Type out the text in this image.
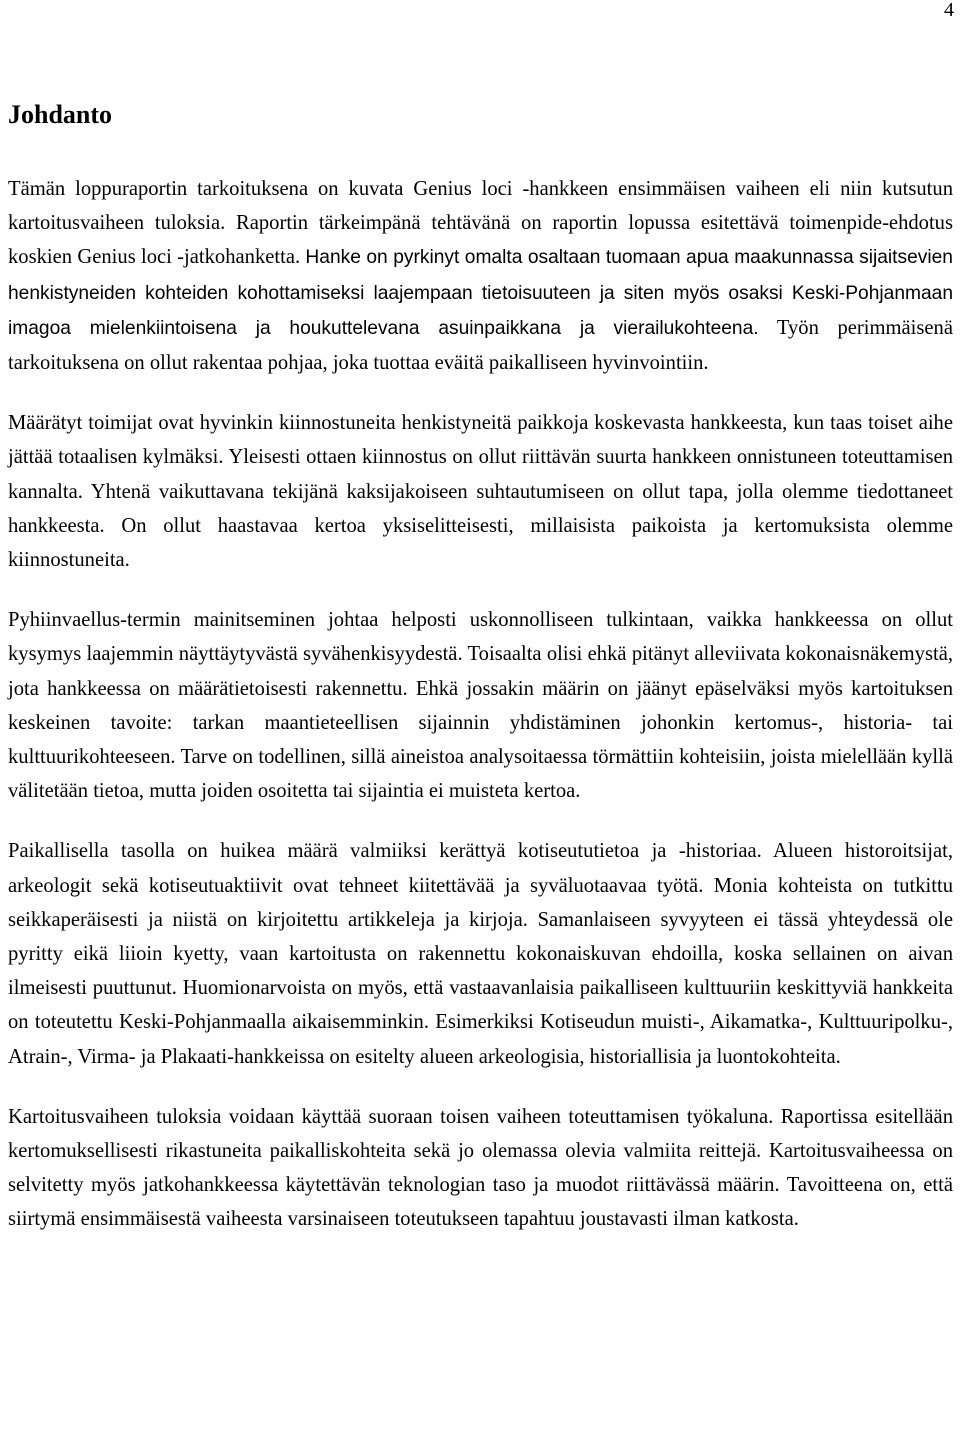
4
Johdanto

Tämän loppuraportin tarkoituksena on kuvata Genius loci -hankkeen ensimmäisen vaiheen eli niin kutsutun kartoitusvaiheen tuloksia. Raportin tärkeimpänä tehtävänä on raportin lopussa esitettävä toimenpide-ehdotus koskien Genius loci -jatkohanketta. Hanke on pyrkinyt omalta osaltaan tuomaan apua maakunnassa sijaitsevien henkistyneiden kohteiden kohottamiseksi laajempaan tietoisuuteen ja siten myös osaksi Keski-Pohjanmaan imagoa mielenkiintoisena ja houkuttelevana asuinpaikkana ja vierailukohteena. Työn perimmäisenä tarkoituksena on ollut rakentaa pohjaa, joka tuottaa eväitä paikalliseen hyvinvointiin.

Määrätyt toimijat ovat hyvinkin kiinnostuneita henkistyneitä paikkoja koskevasta hankkeesta, kun taas toiset aihe jättää totaalisen kylmäksi. Yleisesti ottaen kiinnostus on ollut riittävän suurta hankkeen onnistuneen toteuttamisen kannalta. Yhtenä vaikuttavana tekijänä kaksijakoiseen suhtautumiseen on ollut tapa, jolla olemme tiedottaneet hankkeesta. On ollut haastavaa kertoa yksiselitteisesti, millaisista paikoista ja kertomuksista olemme kiinnostuneita.

Pyhiinvaellus-termin mainitseminen johtaa helposti uskonnolliseen tulkintaan, vaikka hankkeessa on ollut kysymys laajemmin näyttäytyvästä syvähenkisyydestä. Toisaalta olisi ehkä pitänyt alleviivata kokonaisnäkemystä, jota hankkeessa on määrätietoisesti rakennettu. Ehkä jossakin määrin on jäänyt epäselväksi myös kartoituksen keskeinen tavoite: tarkan maantieteellisen sijainnin yhdistäminen johonkin kertomus-, historia- tai kulttuurikohteeseen. Tarve on todellinen, sillä aineistoa analysoitaessa törmättiin kohteisiin, joista mielellään kyllä välitetään tietoa, mutta joiden osoitetta tai sijaintia ei muisteta kertoa.

Paikallisella tasolla on huikea määrä valmiiksi kerättyä kotiseututietoa ja -historiaa. Alueen historoitsijat, arkeologit sekä kotiseutuaktiivit ovat tehneet kiitettävää ja syväluotaavaa työtä. Monia kohteista on tutkittu seikkaperäisesti ja niistä on kirjoitettu artikkeleja ja kirjoja. Samanlaiseen syvyyteen ei tässä yhteydessä ole pyritty eikä liioin kyetty, vaan kartoitusta on rakennettu kokonaiskuvan ehdoilla, koska sellainen on aivan ilmeisesti puuttunut. Huomionarvoista on myös, että vastaavanlaisia paikalliseen kulttuuriin keskittyviä hankkeita on toteutettu Keski-Pohjanmaalla aikaisemminkin. Esimerkiksi Kotiseudun muisti-, Aikamatka-, Kulttuuripolku-, Atrain-, Virma- ja Plakaati-hankkeissa on esitelty alueen arkeologisia, historiallisia ja luontokohteita.

Kartoitusvaiheen tuloksia voidaan käyttää suoraan toisen vaiheen toteuttamisen työkaluna. Raportissa esitellään kertomuksellisesti rikastuneita paikalliskohteita sekä jo olemassa olevia valmiita reittejä. Kartoitusvaiheessa on selvitetty myös jatkohankkeessa käytettävän teknologian taso ja muodot riittävässä määrin. Tavoitteena on, että siirtymä ensimmäisestä vaiheesta varsinaiseen toteutukseen tapahtuu joustavasti ilman katkosta.
